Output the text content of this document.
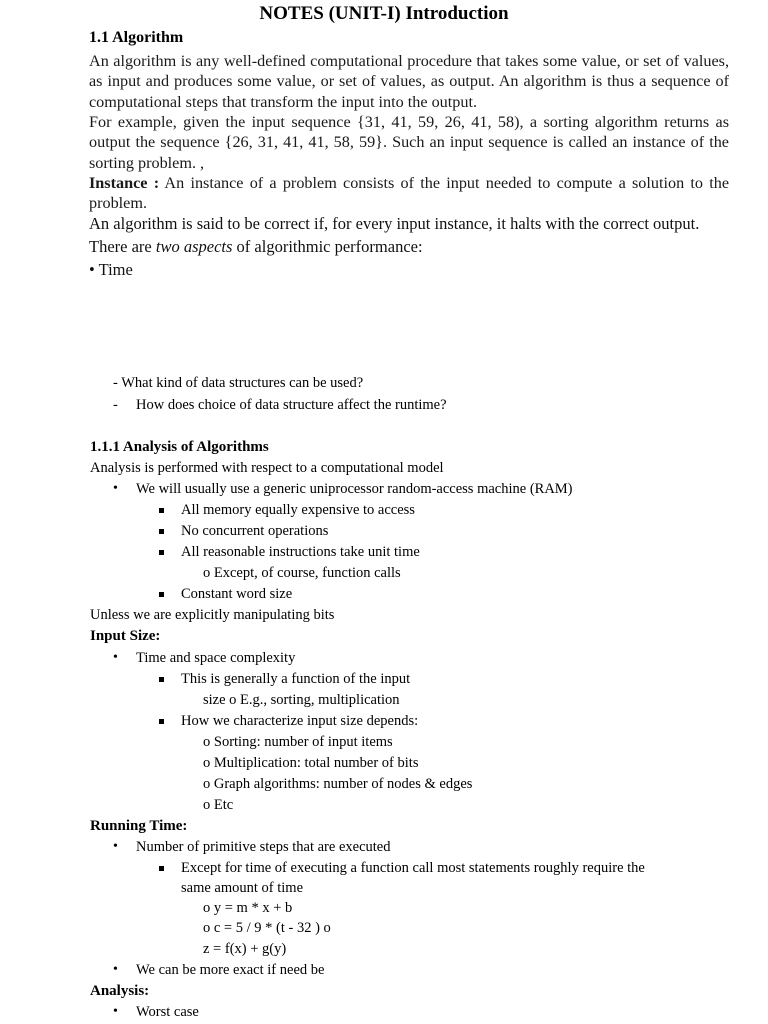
NOTES (UNIT-I) Introduction
1.1 Algorithm
An algorithm is any well-defined computational procedure that takes some value, or set of values, as input and produces some value, or set of values, as output. An algorithm is thus a sequence of computational steps that transform the input into the output.
For example, given the input sequence {31, 41, 59, 26, 41, 58), a sorting algorithm returns as output the sequence {26, 31, 41, 41, 58, 59}. Such an input sequence is called an instance of the sorting problem. ,
Instance : An instance of a problem consists of the input needed to compute a solution to the problem.
An algorithm is said to be correct if, for every input instance, it halts with the correct output.
There are two aspects of algorithmic performance:
• Time
- What kind of data structures can be used?
- How does choice of data structure affect the runtime?
1.1.1 Analysis of Algorithms
Analysis is performed with respect to a computational model
• We will usually use a generic uniprocessor random-access machine (RAM)
All memory equally expensive to access
No concurrent operations
All reasonable instructions take unit time
o Except, of course, function calls
Constant word size
Unless we are explicitly manipulating bits
Input Size:
• Time and space complexity
This is generally a function of the input
size o E.g., sorting, multiplication
How we characterize input size depends:
o Sorting: number of input items
o Multiplication: total number of bits
o Graph algorithms: number of nodes & edges
o Etc
Running Time:
• Number of primitive steps that are executed
Except for time of executing a function call most statements roughly require the
same amount of time
o y = m * x + b
o c = 5 / 9 * (t - 32 ) o
z = f(x) + g(y)
• We can be more exact if need be
Analysis:
• Worst case
